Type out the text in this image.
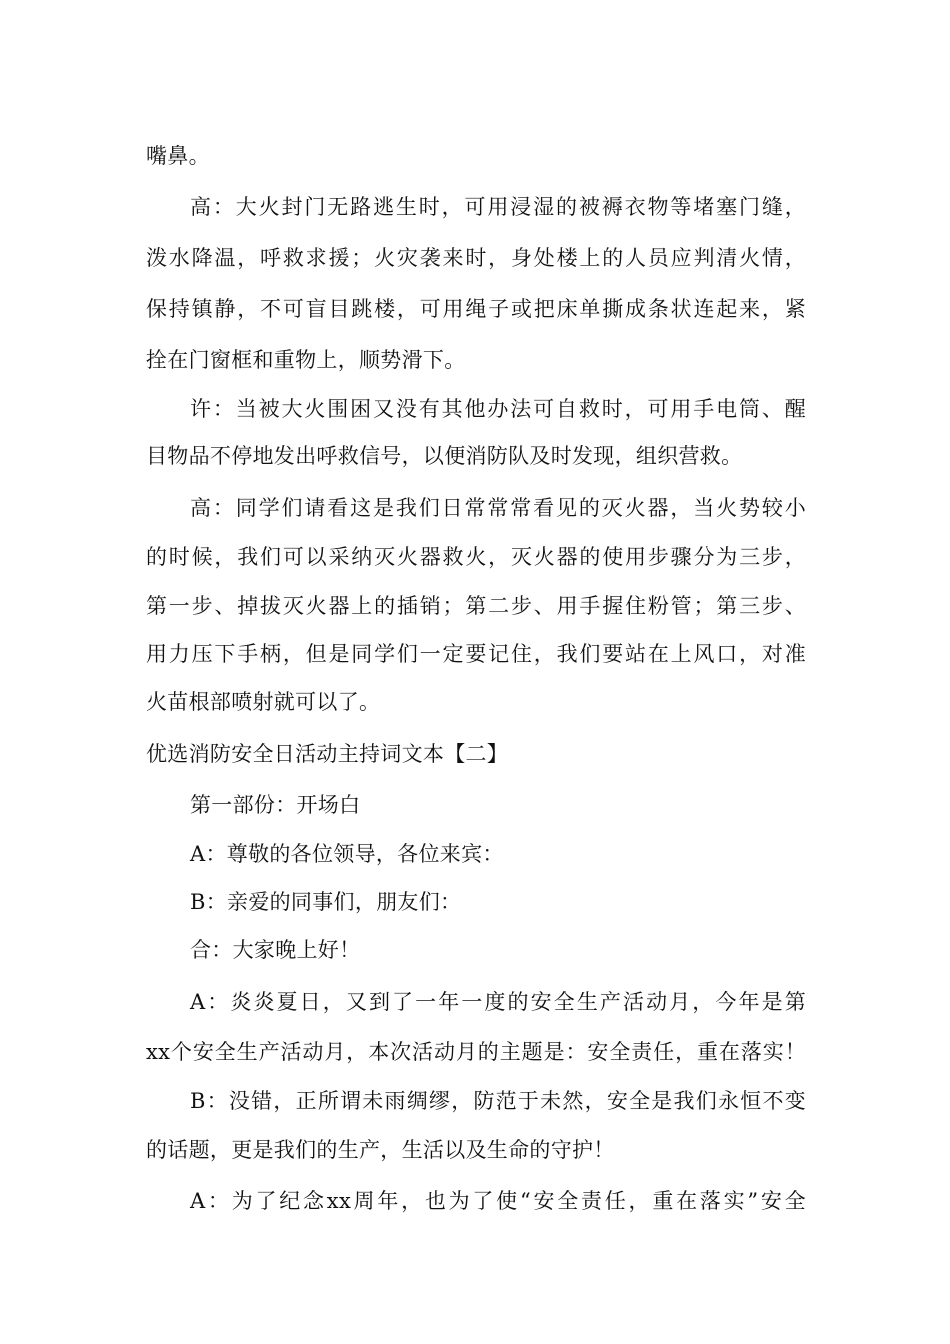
嘴鼻。
高：大火封门无路逃生时，可用浸湿的被褥衣物等堵塞门缝，
泼水降温，呼救求援；火灾袭来时，身处楼上的人员应判清火情，
保持镇静，不可盲目跳楼，可用绳子或把床单撕成条状连起来，紧
拴在门窗框和重物上，顺势滑下。
许：当被大火围困又没有其他办法可自救时，可用手电筒、醒
目物品不停地发出呼救信号，以便消防队及时发现，组织营救。
高：同学们请看这是我们日常常常看见的灭火器，当火势较小
的时候，我们可以采纳灭火器救火，灭火器的使用步骤分为三步，
第一步、掉拔灭火器上的插销；第二步、用手握住粉管；第三步、
用力压下手柄，但是同学们一定要记住，我们要站在上风口，对准
火苗根部喷射就可以了。
优选消防安全日活动主持词文本【二】
第一部份：开场白
A：尊敬的各位领导，各位来宾：
B：亲爱的同事们，朋友们：
合：大家晚上好！
A：炎炎夏日，又到了一年一度的安全生产活动月，今年是第
xx个安全生产活动月，本次活动月的主题是：安全责任，重在落实！
B：没错，正所谓未雨绸缪，防范于未然，安全是我们永恒不变
的话题，更是我们的生产，生活以及生命的守护！
A：为了纪念xx周年，也为了使“安全责任，重在落实”安全
